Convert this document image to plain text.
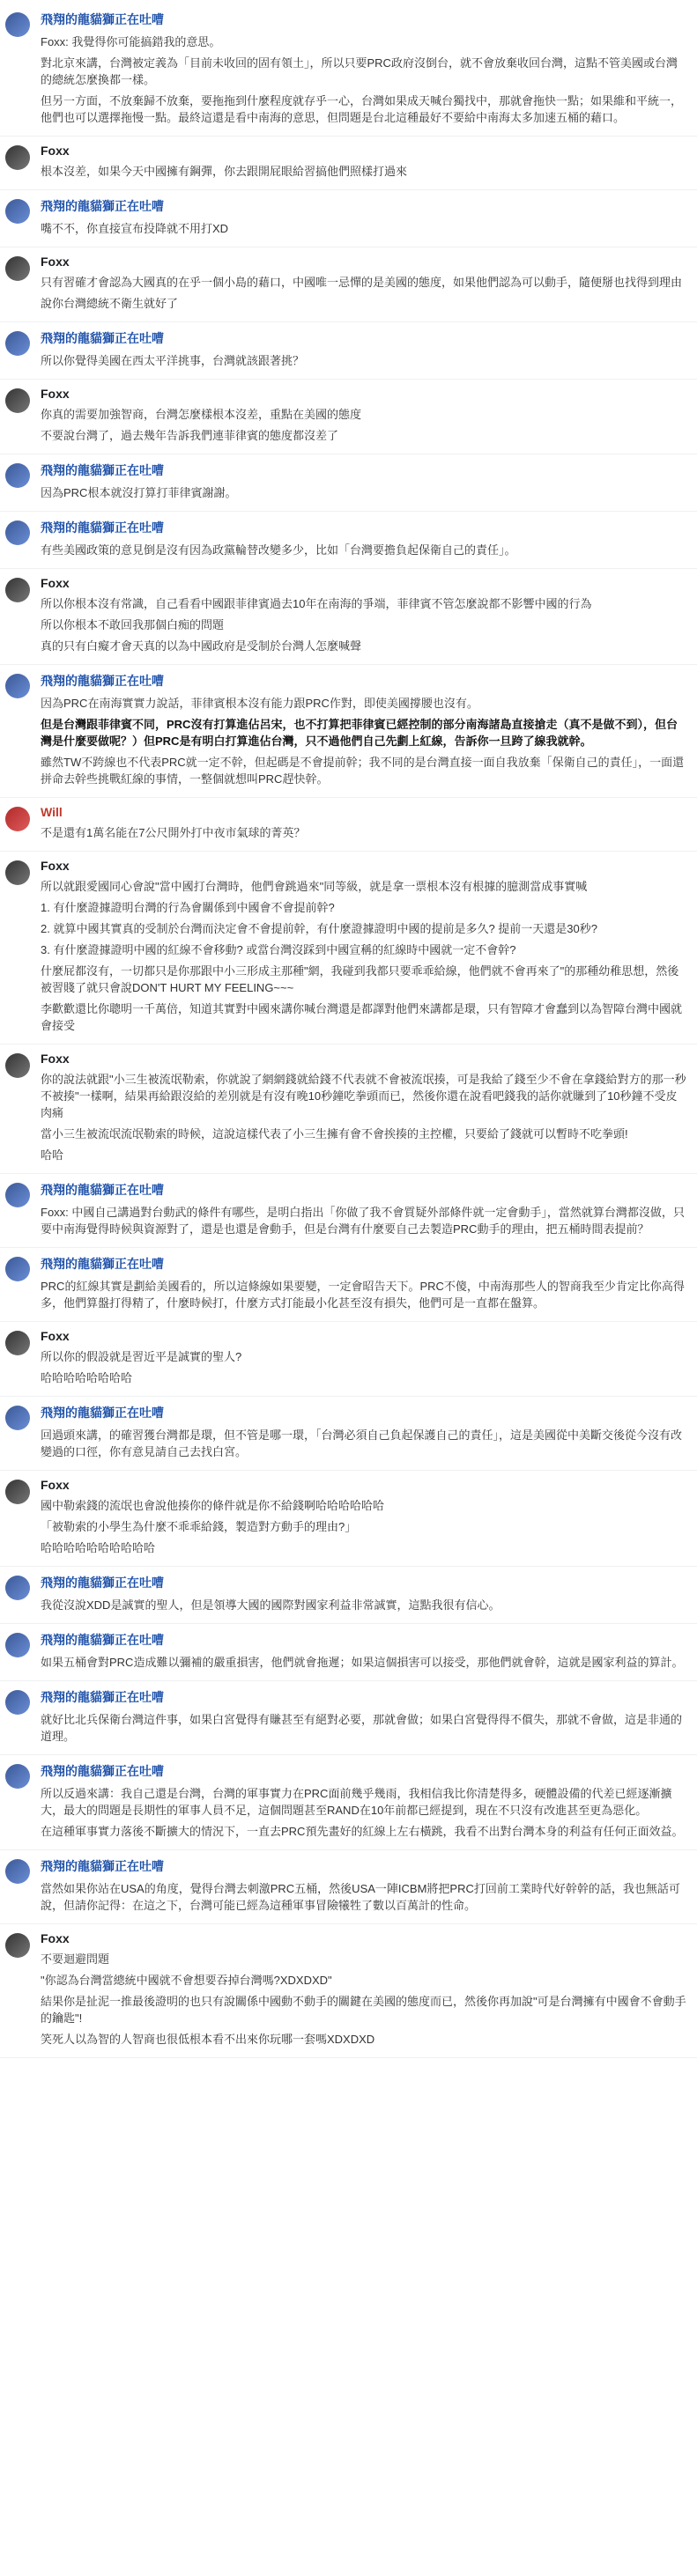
飛翔的龍貓獅正在吐嘈

Foxx: 我覺得你可能搞錯我的意思。

對北京來講，台灣被定義為「目前未收回的固有領土」，所以只要PRC政府沒倒台，就不會放棄收回台灣，這點不管美國或台灣的總統怎麼換都一樣。

但另一方面，不放棄歸不放棄，要拖拖到什麼程度就存乎一心，台灣如果成天喊台獨找中，那就會拖快一點；如果維和平統一，他們也可以選擇拖慢一點。最終這還是看中南海的意思，但問題是台北這種最好不要給中南海太多加速五桶的藉口。

Foxx

根本沒差，如果今天中國擁有鋼彈，你去跟開屁眼給習搞他們照樣打過來

飛翔的龍貓獅正在吐嘈

嘴不不，你直接宣布投降就不用打XD

Foxx

只有習確才會認為大國真的在乎一個小島的藉口，中國唯一忌憚的是美國的態度，如果他們認為可以動手，隨便掰也找得到理由

說你台灣總統不衛生就好了

飛翔的龍貓獅正在吐嘈

所以你覺得美國在西太平洋挑事，台灣就該跟著挑？

Foxx

你真的需要加強智商，台灣怎麼樣根本沒差，重點在美國的態度

不要說台灣了，過去幾年告訴我們連菲律賓的態度都沒差了

飛翔的龍貓獅正在吐嘈

因為PRC根本就沒打算打菲律賓謝謝。

飛翔的龍貓獅正在吐嘈

有些美國政策的意見倒是沒有因為政黨輪替改變多少，比如「台灣要擔負起保衛自己的責任」。

Foxx

所以你根本沒有常識，自己看看中國跟菲律賓過去10年在南海的爭端，菲律賓不管怎麼說都不影響中國的行為

所以你根本不敢回我那個白痴的問題

真的只有白癡才會天真的以為中國政府是受制於台灣人怎麼喊聲

飛翔的龍貓獅正在吐嘈

因為PRC在南海實實力說話，菲律賓根本沒有能力跟PRC作對，即使美國撐腰也沒有。

但是台灣跟菲律賓不同，PRC沒有打算進佔呂宋，也不打算把菲律賓已經控制的部分南海諸島直接搶走（真不是做不到），但台灣是什麼要做呢？）但PRC是有明白打算進佔台灣，只不過他們自己先劃上紅線，告訴你一旦跨了線我就幹。

雖然TW不跨線也不代表PRC就一定不幹，但起碼是不會提前幹；我不同的是台灣直接一面自我放棄「保衛自己的責任」，一面還拼命去幹些挑戰紅線的事情，一整個就想叫PRC趕快幹。

Will

不是還有1萬名能在7公尺開外打中夜市氣球的菁英？

Foxx

所以就跟愛國同心會說"當中國打台灣時，他們會跳過來"同等級，就是拿一票根本沒有根據的臆測當成事實喊

1. 有什麼證據證明台灣的行為會關係到中國會不會提前幹?

2. 就算中國其實真的受制於台灣而決定會不會提前幹，有什麼證據證明中國的提前是多久? 提前一天還是30秒?

3. 有什麼證據證明中國的紅線不會移動? 或當台灣沒踩到中國宣稱的紅線時中國就一定不會幹?

什麼屁都沒有，一切都只是你那跟中小三形成主那種"網，我碰到我都只要乖乖給線，他們就不會再來了"的那種幼稚思想，然後被習賤了就只會說DON'T HURT MY FEELING~~~

李歡歡還比你聰明一千萬倍，知道其實對中國來講你喊台灣還是都譯對他們來講都是環，只有智障才會蠢到以為智障台灣中國就會接受

Foxx

你的說法就跟"小三生被流氓勒索，你就說了網網錢就給錢不代表就不會被流氓揍，可是我給了錢至少不會在拿錢給對方的那一秒不被揍"一樣啊，結果再給跟沒給的差別就是有沒有晚10秒鐘吃拳頭而已，然後你還在說看吧錢我的話你就賺到了10秒鐘不受皮肉痛

當小三生被流氓流氓勒索的時候，這說這樣代表了小三生擁有會不會挨揍的主控權，只要給了錢就可以暫時不吃拳頭!

哈哈

飛翔的龍貓獅正在吐嘈

Foxx: 中國自己講過對台動武的條件有哪些，是明白指出「你做了我不會質疑外部條件就一定會動手」，當然就算台灣都沒做，只要中南海覺得時候與資源對了，還是也還是會動手，但是台灣有什麼要自己去製造PRC動手的理由，把五桶時間表提前？

飛翔的龍貓獅正在吐嘈

PRC的紅線其實是劃給美國看的，所以這條線如果要變，一定會昭告天下。PRC不傻，中南海那些人的智商我至少肯定比你高得多，他們算盤打得精了，什麼時候打，什麼方式打能最小化甚至沒有損失，他們可是一直都在盤算。

Foxx

所以你的假設就是習近平是誠實的聖人?

哈哈哈哈哈哈哈哈

飛翔的龍貓獅正在吐嘈

回過頭來講，的確習獲台灣都是環，但不管是哪一環，「台灣必須自己負起保護自己的責任」，這是美國從中美斷交後從今沒有改變過的口徑，你有意見請自己去找白宮。

Foxx

國中勒索錢的流氓也會說他揍你的條件就是你不給錢啊哈哈哈哈哈哈

「被勒索的小學生為什麼不乖乖給錢，製造對方動手的理由?」

哈哈哈哈哈哈哈哈哈哈

飛翔的龍貓獅正在吐嘈

我從沒說XDD是誠實的聖人，但是領導大國的國際對國家利益非常誠實，這點我很有信心。

飛翔的龍貓獅正在吐嘈

如果五桶會對PRC造成難以彌補的嚴重損害，他們就會拖遲；如果這個損害可以接受，那他們就會幹，這就是國家利益的算計。

飛翔的龍貓獅正在吐嘈

就好比北兵保衛台灣這件事，如果白宮覺得有賺甚至有絕對必要，那就會做；如果白宮覺得得不償失，那就不會做，這是非通的道理。

飛翔的龍貓獅正在吐嘈

所以反過來講：我自己還是台灣，台灣的軍事實力在PRC面前幾乎幾雨，我相信我比你清楚得多，硬體設備的代差已經逐漸擴大，最大的問題是長期性的軍事人員不足，這個問題甚至RAND在10年前都已經提到，現在不只沒有改進甚至更為惡化。

在這種軍事實力落後不斷擴大的情況下，一直去PRC預先畫好的紅線上左右橫跳，我看不出對台灣本身的利益有任何正面效益。

飛翔的龍貓獅正在吐嘈

當然如果你站在USA的角度，覺得台灣去刺激PRC五桶，然後USA一陣ICBM將把PRC打回前工業時代好幹幹的話，我也無話可說，但請你記得：在這之下，台灣可能已經為這種軍事冒險犧牲了數以百萬計的性命。

Foxx

不要迴避問題

"你認為台灣當總統中國就不會想要吞掉台灣嗎?XDXDXD"

結果你是扯泥一推最後證明的也只有說關係中國動不動手的關鍵在美國的態度而已，然後你再加說"可是台灣擁有中國會不會動手的鑰匙"!

笑死人以為智的人智商也很低根本看不出來你玩哪一套嗎XDXDXD
